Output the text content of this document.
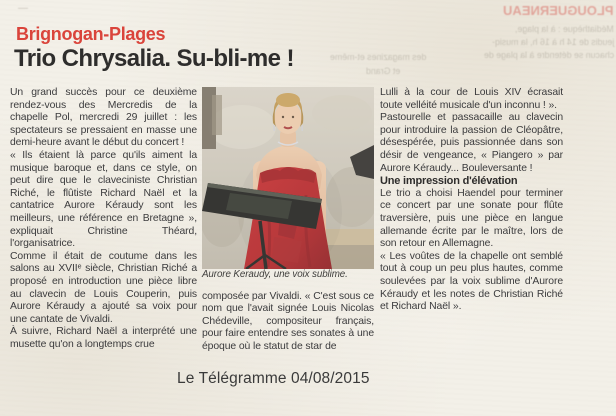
—	PLOUGUERNEAU
Médiathèque : à la plage,
jeudis de 14 h à 16 h, la musiq-
chacun se détendre à la plage de
des magazines et-même
et Grand
Brignogan-Plages
Trio Chrysalia. Su-bli-me !

Un grand succès pour ce deuxième rendez-vous des Mercredis de la chapelle Pol, mercredi 29 juillet : les spectateurs se pressaient en masse une demi-heure avant le début du concert !

« Ils étaient là parce qu'ils aiment la musique baroque et, dans ce style, on peut dire que le claveciniste Christian Riché, le flûtiste Richard Naël et la cantatrice Aurore Kéraudy sont les meilleurs, une référence en Bretagne », expliquait Christine Théard, l'organisatrice.

Comme il était de coutume dans les salons au XVIIᵉ siècle, Christian Riché a proposé en introduction une pièce libre au clavecin de Louis Couperin, puis Aurore Kéraudy a ajouté sa voix pour une cantate de Vivaldi.

À suivre, Richard Naël a interprété une musette qu'on a longtemps crue

Aurore Keraudy, une voix sublime.

composée par Vivaldi. « C'est sous ce nom que l'avait signée Louis Nicolas Chédeville, compositeur français, pour faire entendre ses sonates à une époque où le statut de star de

Lulli à la cour de Louis XIV écrasait toute velléité musicale d'un inconnu ! ».

Pastourelle et passacaille au clavecin pour introduire la passion de Cléopâtre, désespérée, puis passionnée dans son désir de vengeance, « Piangero » par Aurore Kéraudy... Bouleversante !

Une impression d'élévation

Le trio a choisi Haendel pour terminer ce concert par une sonate pour flûte traversière, puis une pièce en langue allemande écrite par le maître, lors de son retour en Allemagne.

« Les voûtes de la chapelle ont semblé tout à coup un peu plus hautes, comme soulevées par la voix sublime d'Aurore Kéraudy et les notes de Christian Riché et Richard Naël ».

Le Télégramme 04/08/2015
